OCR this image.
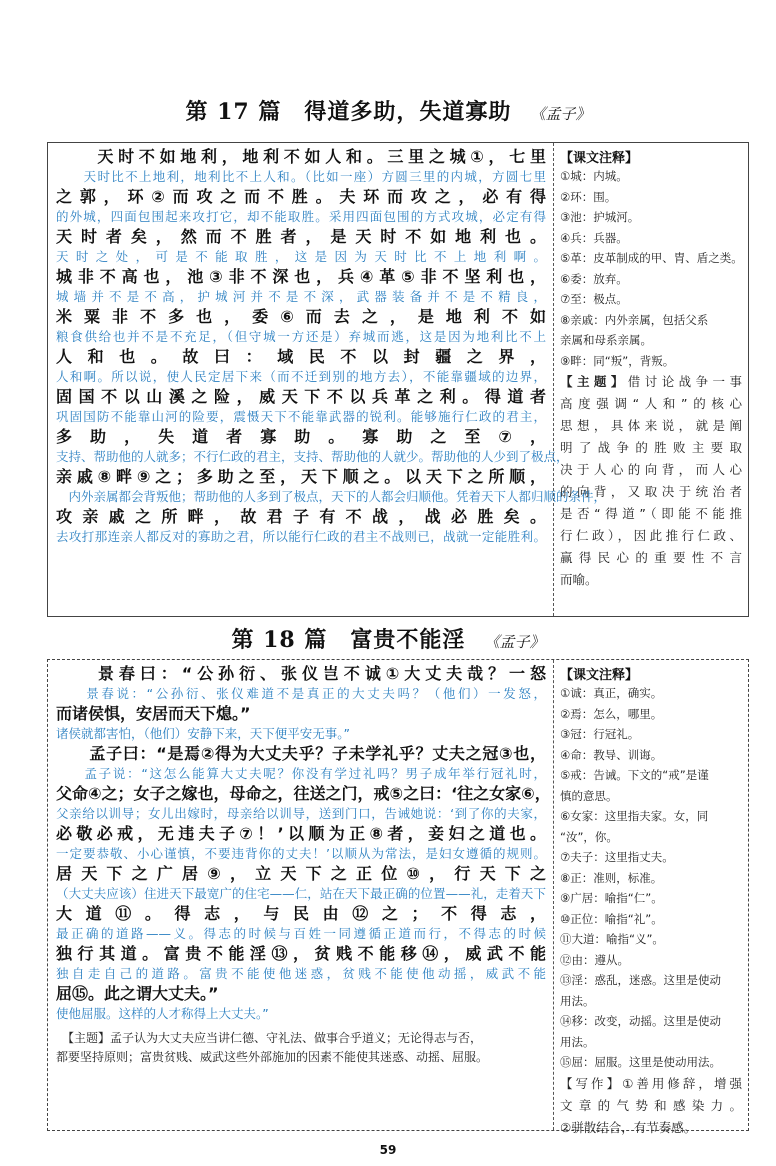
第 17 篇　得道多助，失道寡助 《孟子》
　　天时不如地利，地利不如人和。三里之城①，七里
　　天时比不上地利，地利比不上人和。（比如一座）方圆三里的内城，方圆七里
之郭，环②而攻之而不胜。夫环而攻之，必有得
的外城，四面包围起来攻打它，却不能取胜。采用四面包围的方式攻城，必定有得
天时者矣，然而不胜者，是天时不如地利也。
天时之处，可是不能取胜，这是因为天时比不上地利啊。
城非不高也，池③非不深也，兵④革⑤非不坚利也，
城墙并不是不高，护城河并不是不深，武器装备并不是不精良，
米粟非不多也，委⑥而去之，是地利不如
粮食供给也并不是不充足，（但守城一方还是）弃城而逃，这是因为地利比不上
人和也。故曰：域民不以封疆之界，
人和啊。所以说，使人民定居下来（而不迁到别的地方去），不能靠疆域的边界，
固国不以山溪之险，威天下不以兵革之利。得道者
巩固国防不能靠山河的险要，震慑天下不能靠武器的锐利。能够施行仁政的君主，
多助，失道者寡助。寡助之至⑦，
支持、帮助他的人就多；不行仁政的君主，支持、帮助他的人就少。帮助他的人少到了极点，
亲戚⑧畔⑨之；多助之至，天下顺之。以天下之所顺，
　内外亲属都会背叛他；帮助他的人多到了极点，天下的人都会归顺他。凭着天下人都归顺的条件，
攻亲戚之所畔，故君子有不战，战必胜矣。
去攻打那连亲人都反对的寡助之君，所以能行仁政的君主不战则已，战就一定能胜利。
【课文注释】
①城：内城。
②环：围。
③池：护城河。
④兵：兵器。
⑤革：皮革制成的甲、胄、盾之类。
⑥委：放弃。
⑦至：极点。
⑧亲戚：内外亲属，包括父系
亲属和母系亲属。
⑨畔：同“叛”，背叛。
【主题】借讨论战争一事
高度强调“人和”的核心
思想，具体来说，就是阐
明了战争的胜败主要取
决于人心的向背，而人心
的向背，又取决于统治者
是否“得道”（即能不能推
行仁政），因此推行仁政、
赢得民心的重要性不言
而喻。
第 18 篇　富贵不能淫 《孟子》
　　景春曰：“公孙衍、张仪岂不诚①大丈夫哉？一怒
　　景春说：“公孙衍、张仪难道不是真正的大丈夫吗？（他们）一发怒，
而诸侯惧，安居而天下熄。”
诸侯就都害怕，（他们）安静下来，天下便平安无事。”
　　孟子曰：“是焉②得为大丈夫乎？子未学礼乎？丈夫之冠③也，
　　孟子说：“这怎么能算大丈夫呢？你没有学过礼吗？男子成年举行冠礼时，
父命④之；女子之嫁也，母命之，往送之门，戒⑤之曰：‘往之女家⑥，
父亲给以训导；女儿出嫁时，母亲给以训导，送到门口，告诫她说：‘到了你的夫家，
必敬必戒，无违夫子⑦！’以顺为正⑧者，妾妇之道也。
一定要恭敬、小心谨慎，不要违背你的丈夫！’以顺从为常法，是妇女遵循的规则。
居天下之广居⑨，立天下之正位⑩，行天下之
（大丈夫应该）住进天下最宽广的住宅——仁，站在天下最正确的位置——礼，走着天下
大道⑪。得志，与民由⑫之；不得志，
最正确的道路——义。得志的时候与百姓一同遵循正道而行，不得志的时候
独行其道。富贵不能淫⑬，贫贱不能移⑭，威武不能
独自走自己的道路。富贵不能使他迷惑，贫贱不能使他动摇，威武不能
屈⑮。此之谓大丈夫。”
使他屈服。这样的人才称得上大丈夫。”
　【主题】孟子认为大丈夫应当讲仁德、守礼法、做事合乎道义；无论得志与否，
都要坚持原则；富贵贫贱、威武这些外部施加的因素不能使其迷惑、动摇、屈服。
【课文注释】
①诚：真正，确实。
②焉：怎么，哪里。
③冠：行冠礼。
④命：教导、训诲。
⑤戒：告诫。下文的“戒”是谨
慎的意思。
⑥女家：这里指夫家。女，同
“汝”，你。
⑦夫子：这里指丈夫。
⑧正：准则，标准。
⑨广居：喻指“仁”。
⑩正位：喻指“礼”。
⑪大道：喻指“义”。
⑫由：遵从。
⑬淫：惑乱，迷惑。这里是使动
用法。
⑭移：改变，动摇。这里是使动
用法。
⑮屈：屈服。这里是使动用法。
【写作】①善用修辞，增强
文章的气势和感染力。
②骈散结合，有节奏感。
59
